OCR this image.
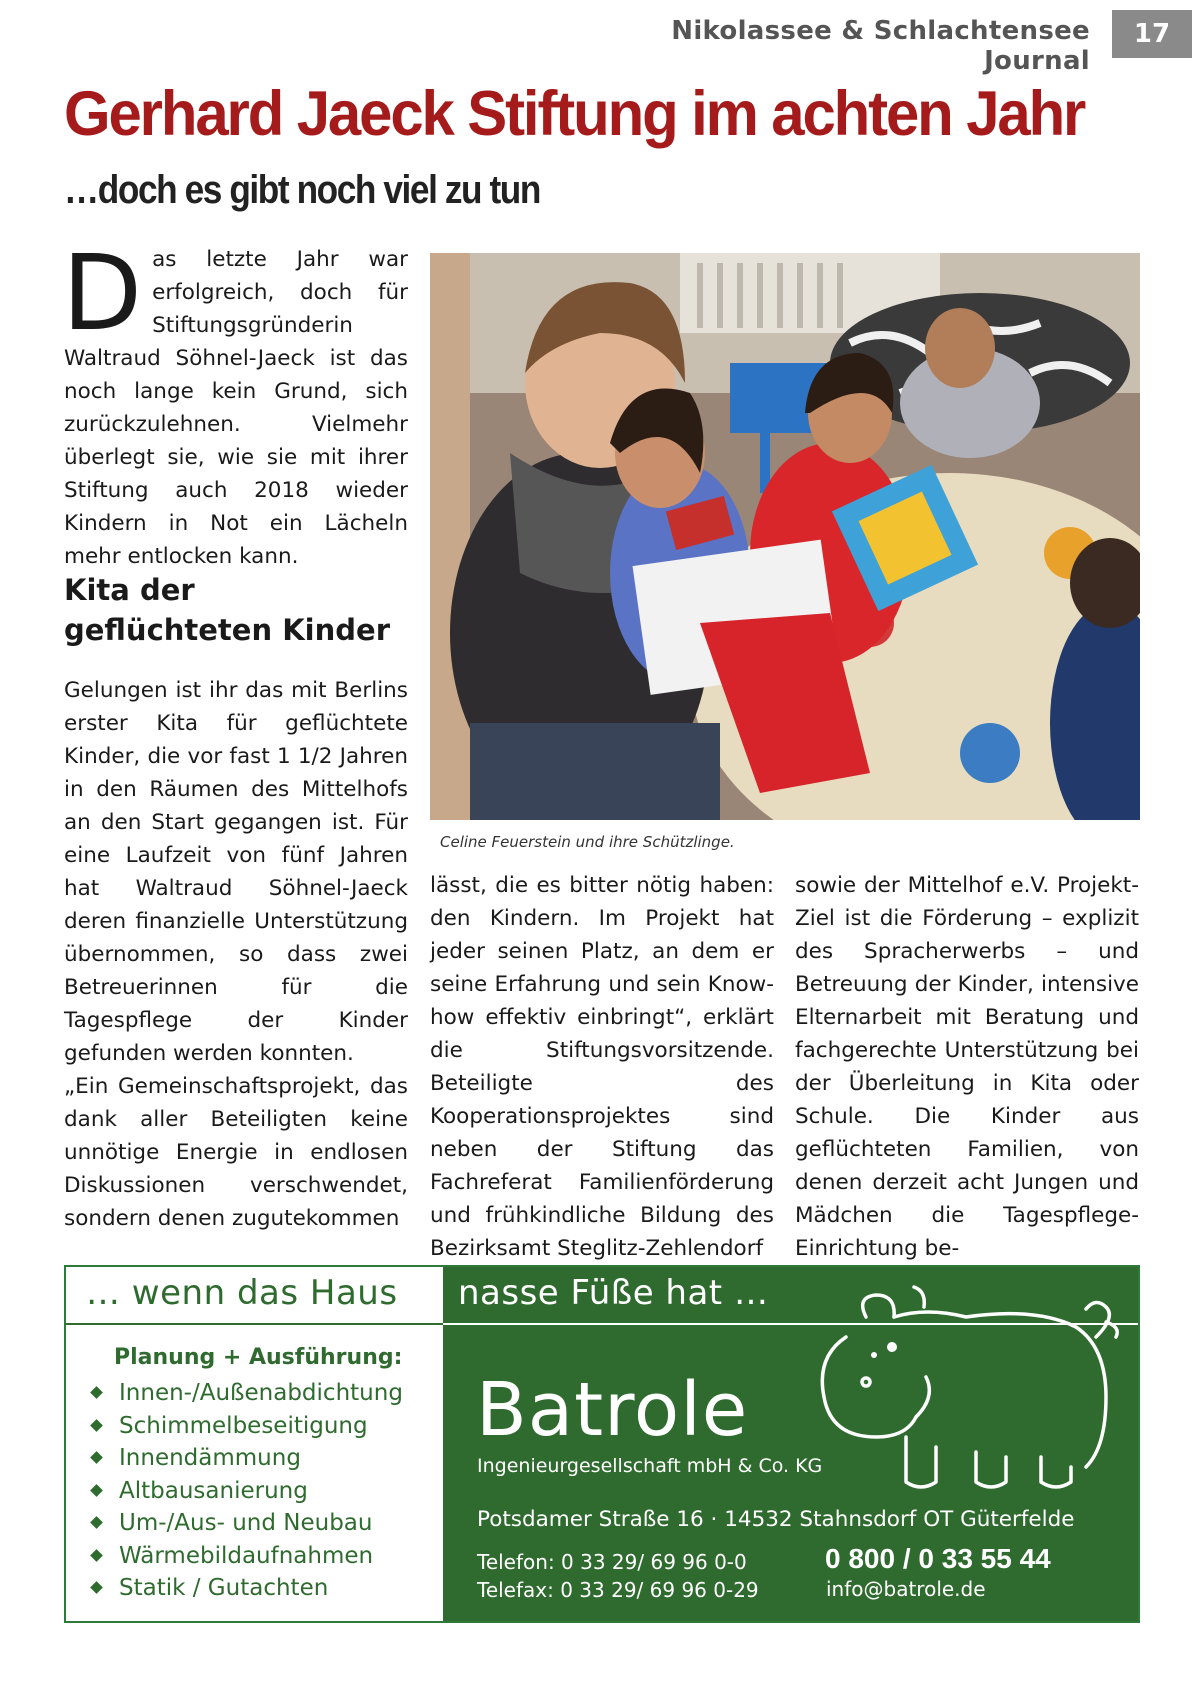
Nikolassee & Schlachtensee Journal
17
Gerhard Jaeck Stiftung im achten Jahr
…doch es gibt noch viel zu tun
Das letzte Jahr war erfolgreich, doch für Stiftungsgründerin Waltraud Söhnel-Jaeck ist das noch lange kein Grund, sich zurückzulehnen. Vielmehr überlegt sie, wie sie mit ihrer Stiftung auch 2018 wieder Kindern in Not ein Lächeln mehr entlocken kann.
Kita der geflüchteten Kinder

Gelungen ist ihr das mit Berlins erster Kita für geflüchtete Kinder, die vor fast 1 1/2 Jahren in den Räumen des Mittelhofs an den Start gegangen ist. Für eine Laufzeit von fünf Jahren hat Waltraud Söhnel-Jaeck deren finanzielle Unterstützung übernommen, so dass zwei Betreuerinnen für die Tagespflege der Kinder gefunden werden konnten.

„Ein Gemeinschaftsprojekt, das dank aller Beteiligten keine unnötige Energie in endlosen Diskussionen verschwendet, sondern denen zugutekommen

Celine Feuerstein und ihre Schützlinge.
lässt, die es bitter nötig haben: den Kindern. Im Projekt hat jeder seinen Platz, an dem er seine Erfahrung und sein Know-how effektiv einbringt“, erklärt die Stiftungsvorsitzende. Beteiligte des Kooperationsprojektes sind neben der Stiftung das Fachreferat Familienförderung und frühkindliche Bildung des Bezirksamt Steglitz-Zehlendorf
sowie der Mittelhof e.V. Projekt-Ziel ist die Förderung – explizit des Spracherwerbs – und Betreuung der Kinder, intensive Elternarbeit mit Beratung und fachgerechte Unterstützung bei der Überleitung in Kita oder Schule. Die Kinder aus geflüchteten Familien, von denen derzeit acht Jungen und Mädchen die Tagespflege-Einrichtung be-
… wenn das Haus nasse Füße hat …
Planung + Ausführung:
Innen-/Außenabdichtung
Schimmelbeseitigung
Innendämmung
Altbausanierung
Um-/Aus- und Neubau
Wärmebildaufnahmen
Statik / Gutachten
Batrole
Ingenieurgesellschaft mbH & Co. KG
Potsdamer Straße 16 · 14532 Stahnsdorf OT Güterfelde
Telefon: 0 33 29/ 69 96 0-0
Telefax: 0 33 29/ 69 96 0-29
0 800 / 0 33 55 44
info@batrole.de
